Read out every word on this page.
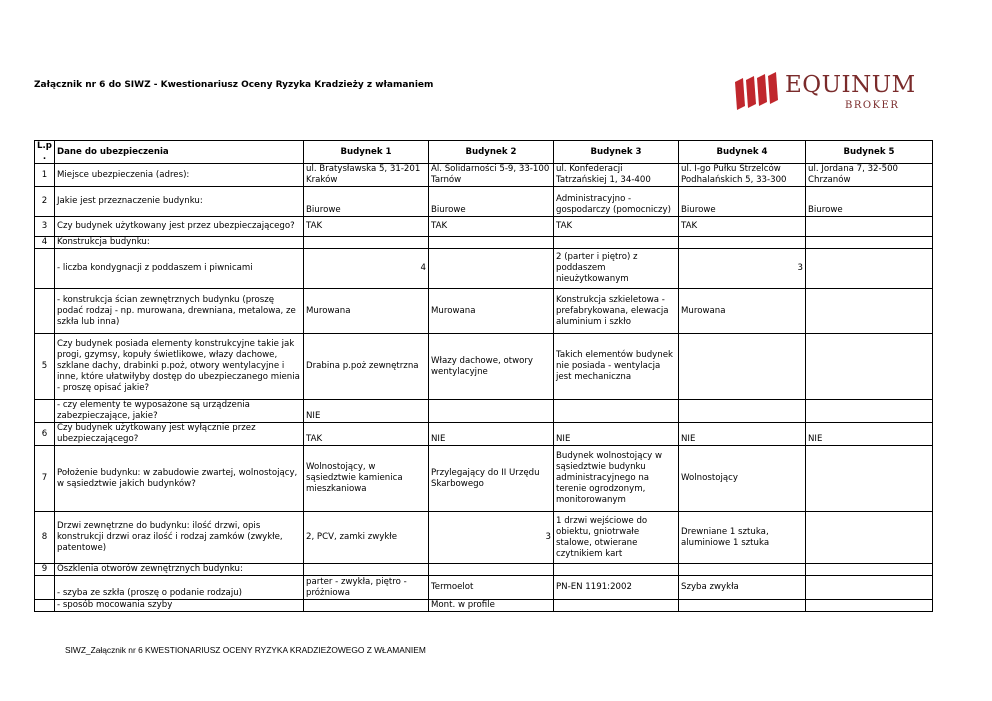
Załącznik nr 6 do SIWZ - Kwestionariusz Oceny Ryzyka Kradzieży z włamaniem	EQUINUM
BROKER
L.p.	Dane do ubezpieczenia	Budynek 1	Budynek 2	Budynek 3	Budynek 4	Budynek 5
1	Miejsce ubezpieczenia (adres):	ul. Bratysławska 5, 31-201 Kraków	Al. Solidarności 5-9, 33-100 Tarnów	ul. Konfederacji Tatrzańskiej 1, 34-400	ul. I-go Pułku Strzelców Podhalańskich 5, 33-300	ul. Jordana 7, 32-500 Chrzanów
2	Jakie jest przeznaczenie budynku:	Biurowe	Biurowe	Administracyjno - gospodarczy (pomocniczy)	Biurowe	Biurowe
3	Czy budynek użytkowany jest przez ubezpieczającego?	TAK	TAK	TAK	TAK	
4	Konstrukcja budynku:					
	- liczba kondygnacji z poddaszem i piwnicami	4		2 (parter i piętro) z poddaszem nieużytkowanym	3	
	- konstrukcja ścian zewnętrznych budynku (proszę podać rodzaj - np. murowana, drewniana, metalowa, ze szkła lub inna)	Murowana	Murowana	Konstrukcja szkieletowa - prefabrykowana, elewacja aluminium i szkło	Murowana	
5	Czy budynek posiada elementy konstrukcyjne takie jak progi, gzymsy, kopuły świetlikowe, włazy dachowe, szklane dachy, drabinki p.poż, otwory wentylacyjne i inne, które ułatwiłyby dostęp do ubezpieczanego mienia - proszę opisać jakie?	Drabina p.poż zewnętrzna	Włazy dachowe, otwory wentylacyjne	Takich elementów budynek nie posiada - wentylacja jest mechaniczna		
	- czy elementy te wyposażone są urządzenia zabezpieczające, jakie?	NIE				
6	Czy budynek użytkowany jest wyłącznie przez ubezpieczającego?	TAK	NIE	NIE	NIE	NIE
7	Położenie budynku: w zabudowie zwartej, wolnostojący, w sąsiedztwie jakich budynków?	Wolnostojący, w sąsiedztwie kamienica mieszkaniowa	Przylegający do II Urzędu Skarbowego	Budynek wolnostojący w sąsiedztwie budynku administracyjnego na terenie ogrodzonym, monitorowanym	Wolnostojący	
8	Drzwi zewnętrzne do budynku: ilość drzwi, opis konstrukcji drzwi oraz ilość i rodzaj zamków (zwykłe, patentowe)	2, PCV, zamki zwykłe	3	1 drzwi wejściowe do obiektu, gniotrwałe stalowe, otwierane czytnikiem kart	Drewniane 1 sztuka, aluminiowe 1 sztuka	
9	Oszklenia otworów zewnętrznych budynku:					
	- szyba ze szkła (proszę o podanie rodzaju)	parter - zwykła, piętro - próżniowa	Termoelot	PN-EN 1191:2002	Szyba zwykła	
	- sposób mocowania szyby		Mont. w profile			
SIWZ_Załącznik nr 6 KWESTIONARIUSZ OCENY RYZYKA KRADZIEŻOWEGO Z WŁAMANIEM
